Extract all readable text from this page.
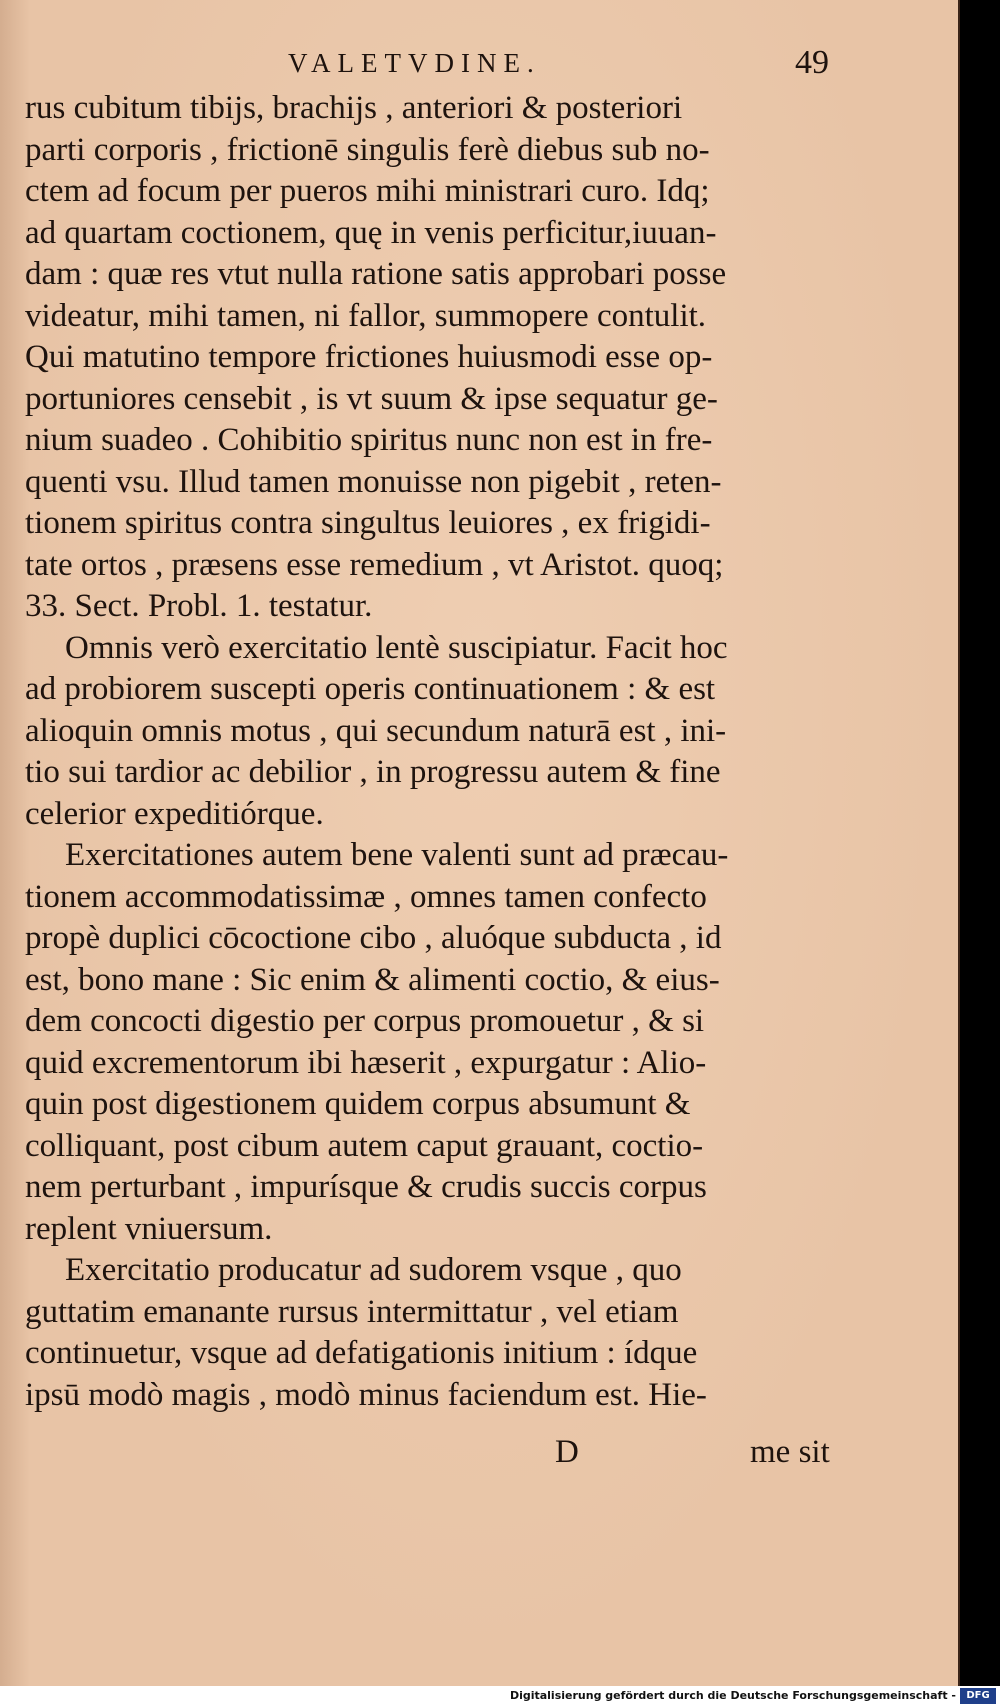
VALETVDINE.	49
rus cubitum tibijs, brachijs , anteriori & posteriori
parti corporis , frictionē singulis ferè diebus sub no-
ctem ad focum per pueros mihi ministrari curo. Idq;
ad quartam coctionem, quę in venis perficitur,iuuan-
dam : quæ res vtut nulla ratione satis approbari posse
videatur, mihi tamen, ni fallor, summopere contulit.
Qui matutino tempore frictiones huiusmodi esse op-
portuniores censebit , is vt suum & ipse sequatur ge-
nium suadeo . Cohibitio spiritus nunc non est in fre-
quenti vsu. Illud tamen monuisse non pigebit , reten-
tionem spiritus contra singultus leuiores , ex frigidi-
tate ortos , præsens esse remedium , vt Aristot. quoq;
33. Sect. Probl. 1. testatur.
Omnis verò exercitatio lentè suscipiatur. Facit hoc
ad probiorem suscepti operis continuationem : & est
alioquin omnis motus , qui secundum naturā est , ini-
tio sui tardior ac debilior , in progressu autem & fine
celerior expeditiórque.
Exercitationes autem bene valenti sunt ad præcau-
tionem accommodatissimæ , omnes tamen confecto
propè duplici cōcoctione cibo , aluóque subducta , id
est, bono mane : Sic enim & alimenti coctio, & eius-
dem concocti digestio per corpus promouetur , & si
quid excrementorum ibi hæserit , expurgatur : Alio-
quin post digestionem quidem corpus absumunt &
colliquant, post cibum autem caput grauant, coctio-
nem perturbant , impurísque & crudis succis corpus
replent vniuersum.
Exercitatio producatur ad sudorem vsque , quo
guttatim emanante rursus intermittatur , vel etiam
continuetur, vsque ad defatigationis initium : ídque
ipsū modò magis , modò minus faciendum est. Hie-
D	me sit
Digitalisierung gefördert durch die Deutsche Forschungsgemeinschaft -	DFG
